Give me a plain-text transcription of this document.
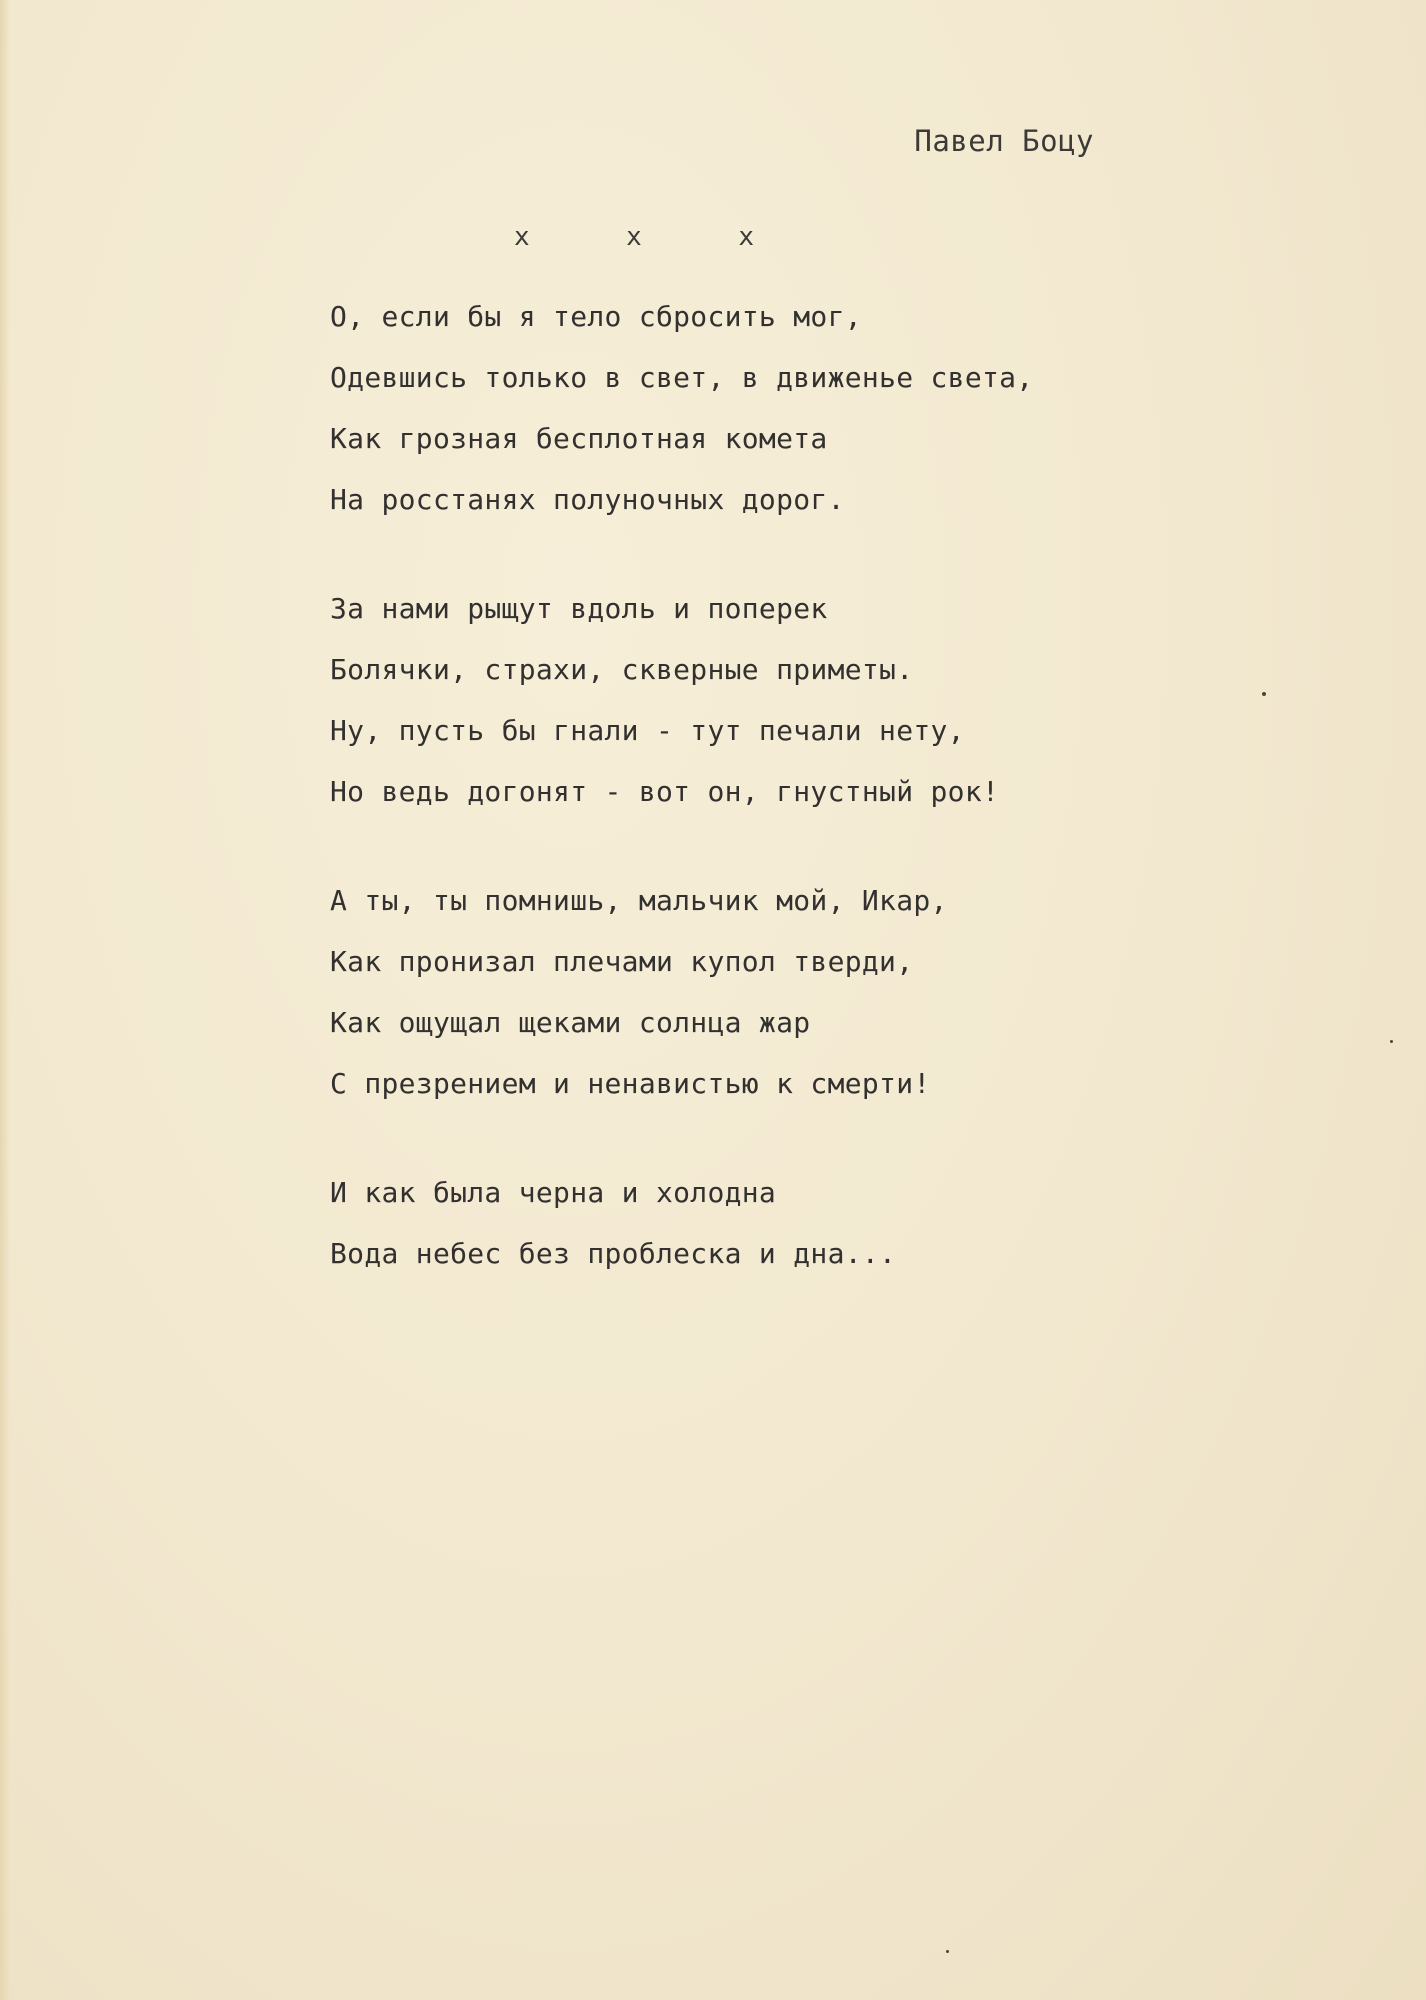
Павел Боцу
x	x	x
О, если бы я тело сбросить мог,
Одевшись только в свет, в движенье света,
Как грозная бесплотная комета
На росстанях полуночных дорог.
За нами рыщут вдоль и поперек
Болячки, страхи, скверные приметы.
Ну, пусть бы гнали - тут печали нету,
Но ведь догонят - вот он, гнустный рок!
А ты, ты помнишь, мальчик мой, Икар,
Как пронизал плечами купол тверди,
Как ощущал щеками солнца жар
С презрением и ненавистью к смерти!
И как была черна и холодна
Вода небес без проблеска и дна...
